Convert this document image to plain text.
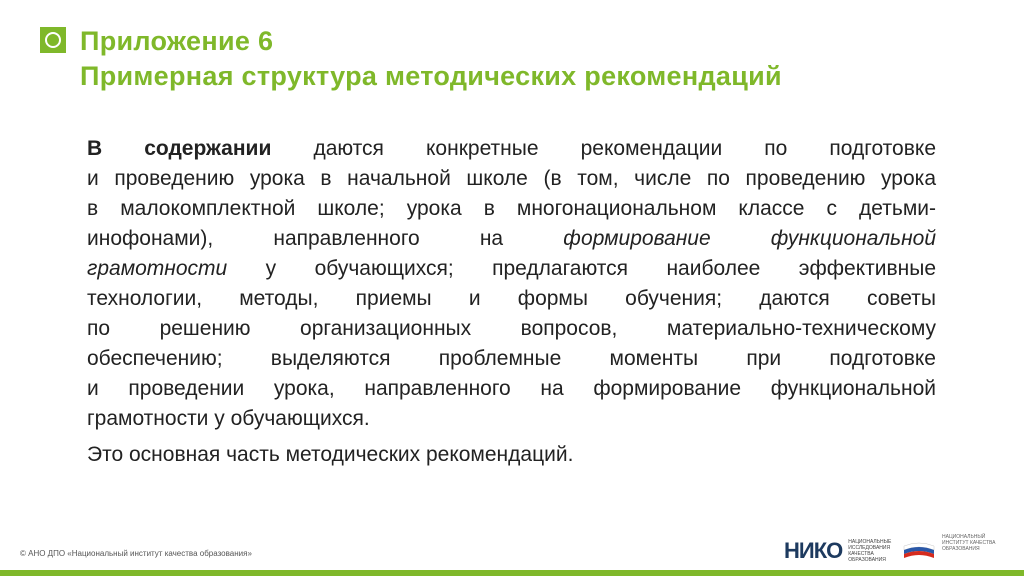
Приложение 6
Примерная структура методических рекомендаций
В содержании даются конкретные рекомендации по подготовке
и проведению урока в начальной школе (в том, числе по проведению урока
в малокомплектной школе; урока в многонациональном классе с детьми-
инофонами), направленного на	формирование функциональной
грамотности у обучающихся; предлагаются наиболее эффективные
технологии, методы, приемы и формы обучения; даются советы
по решению организационных вопросов, материально-техническому
обеспечению; выделяются проблемные моменты при подготовке
и проведении урока, направленного на формирование функциональной
грамотности у обучающихся.
Это основная часть методических рекомендаций.
© АНО ДПО «Национальный институт качества образования»	НИКО НАЦИОНАЛЬНЫЕ ИССЛЕДОВАНИЯ КАЧЕСТВА ОБРАЗОВАНИЯ
НАЦИОНАЛЬНЫЙ ИНСТИТУТ КАЧЕСТВА ОБРАЗОВАНИЯ
